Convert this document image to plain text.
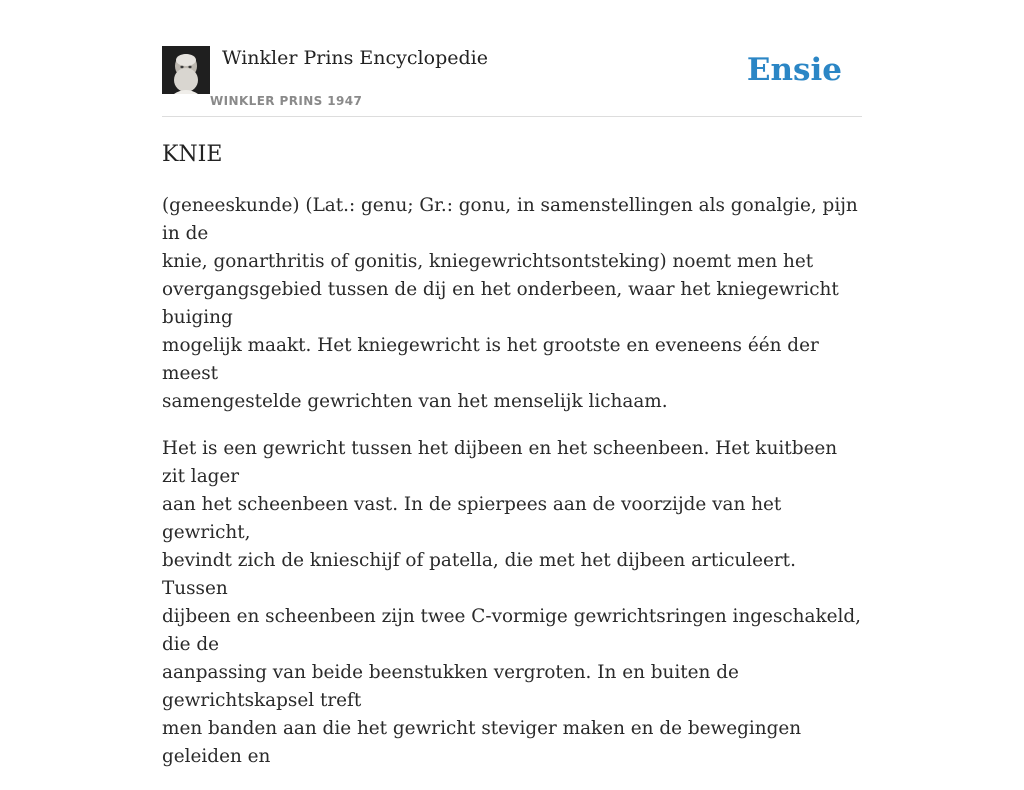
Winkler Prins Encyclopedie
WINKLER PRINS 1947
Ensie
KNIE

(geneeskunde) (Lat.: genu; Gr.: gonu, in samenstellingen als gonalgie, pijn in de
knie, gonarthritis of gonitis, kniegewrichtsontsteking) noemt men het
overgangsgebied tussen de dij en het onderbeen, waar het kniegewricht buiging
mogelijk maakt. Het kniegewricht is het grootste en eveneens één der meest
samengestelde gewrichten van het menselijk lichaam.

Het is een gewricht tussen het dijbeen en het scheenbeen. Het kuitbeen zit lager
aan het scheenbeen vast. In de spierpees aan de voorzijde van het gewricht,
bevindt zich de knieschijf of patella, die met het dijbeen articuleert. Tussen
dijbeen en scheenbeen zijn twee C-vormige gewrichtsringen ingeschakeld, die de
aanpassing van beide beenstukken vergroten. In en buiten de gewrichtskapsel treft
men banden aan die het gewricht steviger maken en de bewegingen geleiden en
